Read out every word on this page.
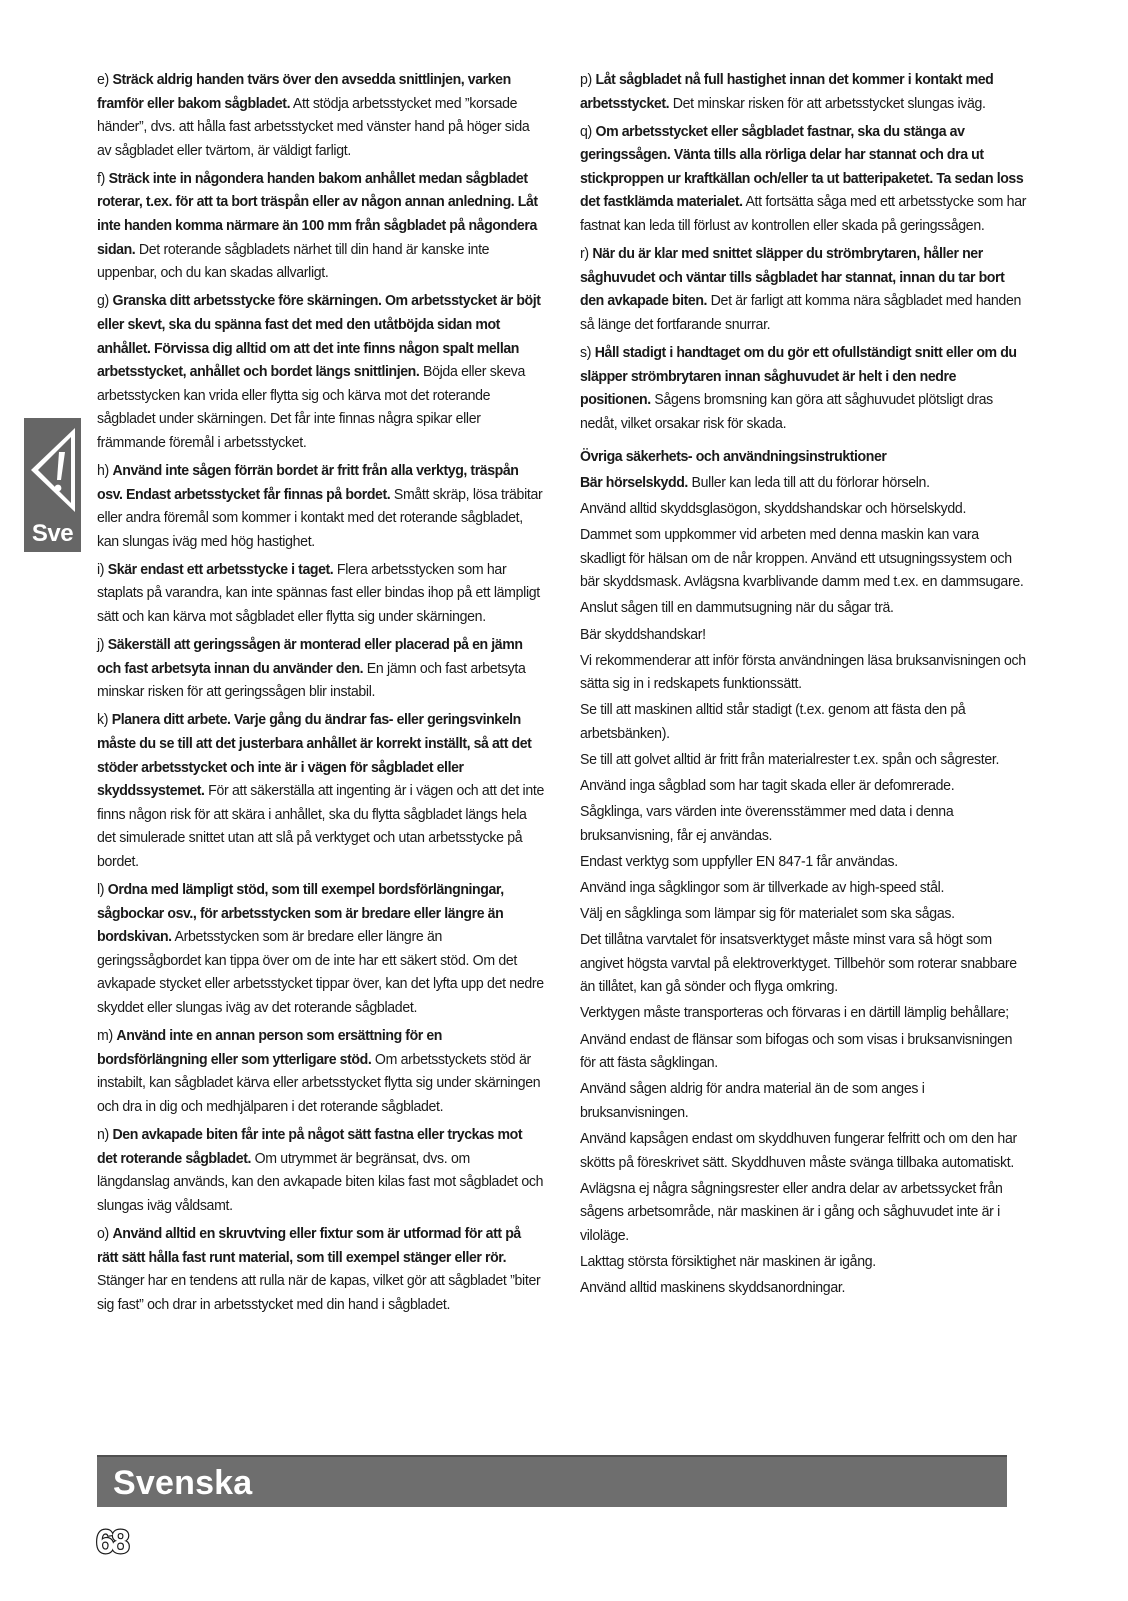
e) Sträck aldrig handen tvärs över den avsedda snittlinjen, varken framför eller bakom sågbladet. Att stödja arbetsstycket med ”korsade händer”, dvs. att hålla fast arbetsstycket med vänster hand på höger sida av sågbladet eller tvärtom, är väldigt farligt.
f) Sträck inte in någondera handen bakom anhållet medan sågbladet roterar, t.ex. för att ta bort träspån eller av någon annan anledning. Låt inte handen komma närmare än 100 mm från sågbladet på någondera sidan. Det roterande sågbladets närhet till din hand är kanske inte uppenbar, och du kan skadas allvarligt.
g) Granska ditt arbetsstycke före skärningen. Om arbetsstycket är böjt eller skevt, ska du spänna fast det med den utåtböjda sidan mot anhållet. Förvissa dig alltid om att det inte finns någon spalt mellan arbetsstycket, anhållet och bordet längs snittlinjen. Böjda eller skeva arbetsstycken kan vrida eller flytta sig och kärva mot det roterande sågbladet under skärningen. Det får inte finnas några spikar eller främmande föremål i arbetsstycket.
h) Använd inte sågen förrän bordet är fritt från alla verktyg, träspån osv. Endast arbetsstycket får finnas på bordet. Smått skräp, lösa träbitar eller andra föremål som kommer i kontakt med det roterande sågbladet, kan slungas iväg med hög hastighet.
i) Skär endast ett arbetsstycke i taget. Flera arbetsstycken som har staplats på varandra, kan inte spännas fast eller bindas ihop på ett lämpligt sätt och kan kärva mot sågbladet eller flytta sig under skärningen.
j) Säkerställ att geringssågen är monterad eller placerad på en jämn och fast arbetsyta innan du använder den. En jämn och fast arbetsyta minskar risken för att geringssågen blir instabil.
k) Planera ditt arbete. Varje gång du ändrar fas- eller geringsvinkeln måste du se till att det justerbara anhållet är korrekt inställt, så att det stöder arbetsstycket och inte är i vägen för sågbladet eller skyddssystemet. För att säkerställa att ingenting är i vägen och att det inte finns någon risk för att skära i anhållet, ska du flytta sågbladet längs hela det simulerade snittet utan att slå på verktyget och utan arbetsstycke på bordet.
l) Ordna med lämpligt stöd, som till exempel bordsförlängningar, sågbockar osv., för arbetsstycken som är bredare eller längre än bordskivan. Arbetsstycken som är bredare eller längre än geringssågbordet kan tippa över om de inte har ett säkert stöd. Om det avkapade stycket eller arbetsstycket tippar över, kan det lyfta upp det nedre skyddet eller slungas iväg av det roterande sågbladet.
m) Använd inte en annan person som ersättning för en bordsförlängning eller som ytterligare stöd. Om arbetsstyckets stöd är instabilt, kan sågbladet kärva eller arbetsstycket flytta sig under skärningen och dra in dig och medhjälparen i det roterande sågbladet.
n) Den avkapade biten får inte på något sätt fastna eller tryckas mot det roterande sågbladet. Om utrymmet är begränsat, dvs. om längdanslag används, kan den avkapade biten kilas fast mot sågbladet och slungas iväg våldsamt.
o) Använd alltid en skruvtving eller fixtur som är utformad för att på rätt sätt hålla fast runt material, som till exempel stänger eller rör. Stänger har en tendens att rulla när de kapas, vilket gör att sågbladet ”biter sig fast” och drar in arbetsstycket med din hand i sågbladet.
p) Låt sågbladet nå full hastighet innan det kommer i kontakt med arbetsstycket. Det minskar risken för att arbetsstycket slungas iväg.
q) Om arbetsstycket eller sågbladet fastnar, ska du stänga av geringssågen. Vänta tills alla rörliga delar har stannat och dra ut stickproppen ur kraftkällan och/eller ta ut batteripaketet. Ta sedan loss det fastklämda materialet. Att fortsätta såga med ett arbetsstycke som har fastnat kan leda till förlust av kontrollen eller skada på geringssågen.
r) När du är klar med snittet släpper du strömbrytaren, håller ner såghuvudet och väntar tills sågbladet har stannat, innan du tar bort den avkapade biten. Det är farligt att komma nära sågbladet med handen så länge det fortfarande snurrar.
s) Håll stadigt i handtaget om du gör ett ofullständigt snitt eller om du släpper strömbrytaren innan såghuvudet är helt i den nedre positionen. Sågens bromsning kan göra att såghuvudet plötsligt dras nedåt, vilket orsakar risk för skada.
Övriga säkerhets- och användningsinstruktioner
Bär hörselskydd. Buller kan leda till att du förlorar hörseln.
Använd alltid skyddsglasögon, skyddshandskar och hörselskydd.
Dammet som uppkommer vid arbeten med denna maskin kan vara skadligt för hälsan om de når kroppen. Använd ett utsugningssystem och bär skyddsmask. Avlägsna kvarblivande damm med t.ex. en dammsugare.
Anslut sågen till en dammutsugning när du sågar trä.
Bär skyddshandskar!
Vi rekommenderar att inför första användningen läsa bruksanvisningen och sätta sig in i redskapets funktionssätt.
Se till att maskinen alltid står stadigt (t.ex. genom att fästa den på arbetsbänken).
Se till att golvet alltid är fritt från materialrester t.ex. spån och sågrester.
Använd inga sågblad som har tagit skada eller är defomrerade.
Sågklinga, vars värden inte överensstämmer med data i denna bruksanvisning, får ej användas.
Endast verktyg som uppfyller EN 847-1 får användas.
Använd inga sågklingor som är tillverkade av high-speed stål.
Välj en sågklinga som lämpar sig för materialet som ska sågas.
Det tillåtna varvtalet för insatsverktyget måste minst vara så högt som angivet högsta varvtal på elektroverktyget. Tillbehör som roterar snabbare än tillåtet, kan gå sönder och flyga omkring.
Verktygen måste transporteras och förvaras i en därtill lämplig behållare;
Använd endast de flänsar som bifogas och som visas i bruksanvisningen för att fästa sågklingan.
Använd sågen aldrig för andra material än de som anges i bruksanvisningen.
Använd kapsågen endast om skyddhuven fungerar felfritt och om den har skötts på föreskrivet sätt. Skyddhuven måste svänga tillbaka automatiskt.
Avlägsna ej några sågningsrester eller andra delar av arbetssycket från sågens arbetsområde, när maskinen är i gång och såghuvudet inte är i viloläge.
Lakttag största försiktighet när maskinen är igång.
Använd alltid maskinens skyddsanordningar.
Sve
Svenska
68
